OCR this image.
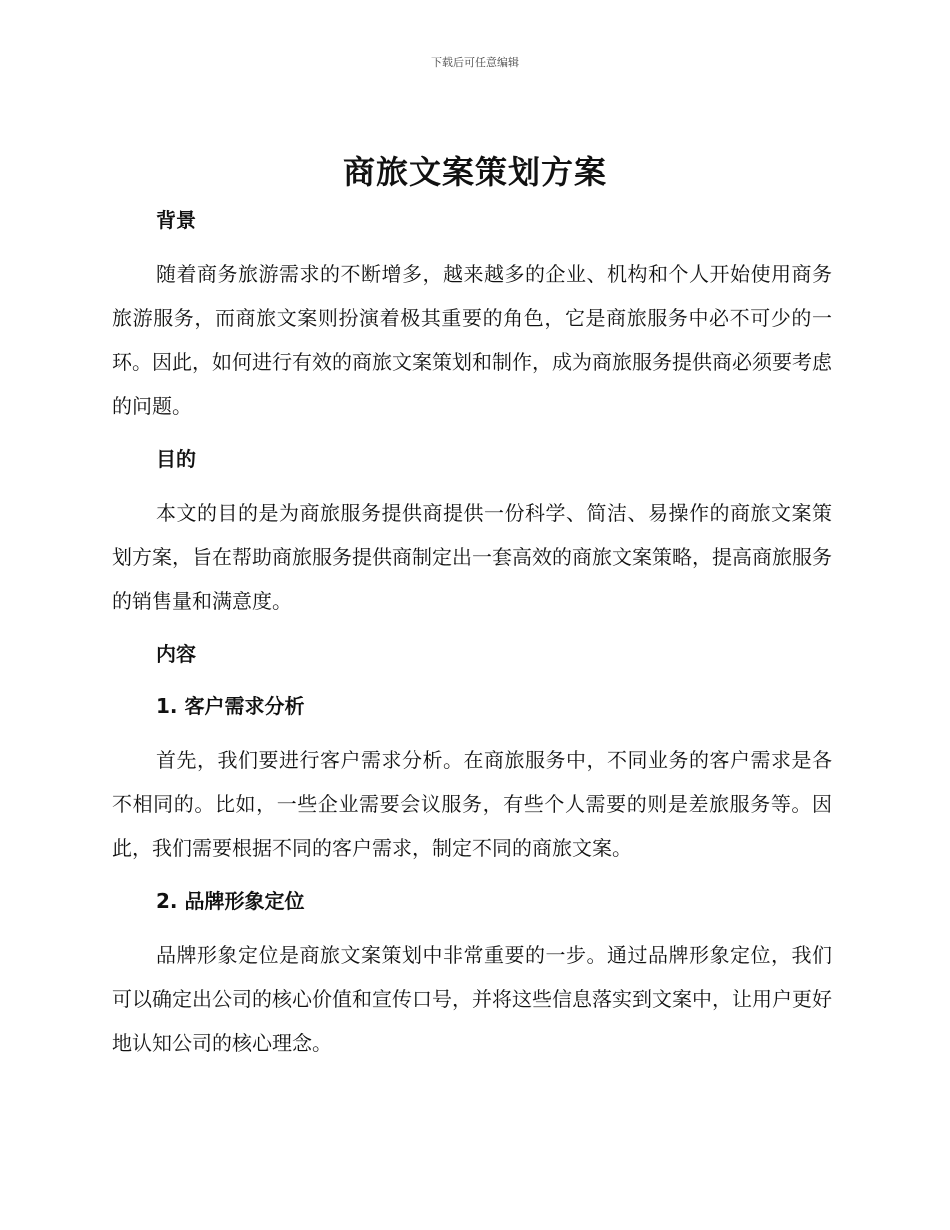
下载后可任意编辑
商旅文案策划方案
背景

随着商务旅游需求的不断增多，越来越多的企业、机构和个人开始使用商务旅游服务，而商旅文案则扮演着极其重要的角色，它是商旅服务中必不可少的一环。因此，如何进行有效的商旅文案策划和制作，成为商旅服务提供商必须要考虑的问题。

目的

本文的目的是为商旅服务提供商提供一份科学、简洁、易操作的商旅文案策划方案，旨在帮助商旅服务提供商制定出一套高效的商旅文案策略，提高商旅服务的销售量和满意度。

内容
1. 客户需求分析

首先，我们要进行客户需求分析。在商旅服务中，不同业务的客户需求是各不相同的。比如，一些企业需要会议服务，有些个人需要的则是差旅服务等。因此，我们需要根据不同的客户需求，制定不同的商旅文案。

2. 品牌形象定位

品牌形象定位是商旅文案策划中非常重要的一步。通过品牌形象定位，我们可以确定出公司的核心价值和宣传口号，并将这些信息落实到文案中，让用户更好地认知公司的核心理念。
